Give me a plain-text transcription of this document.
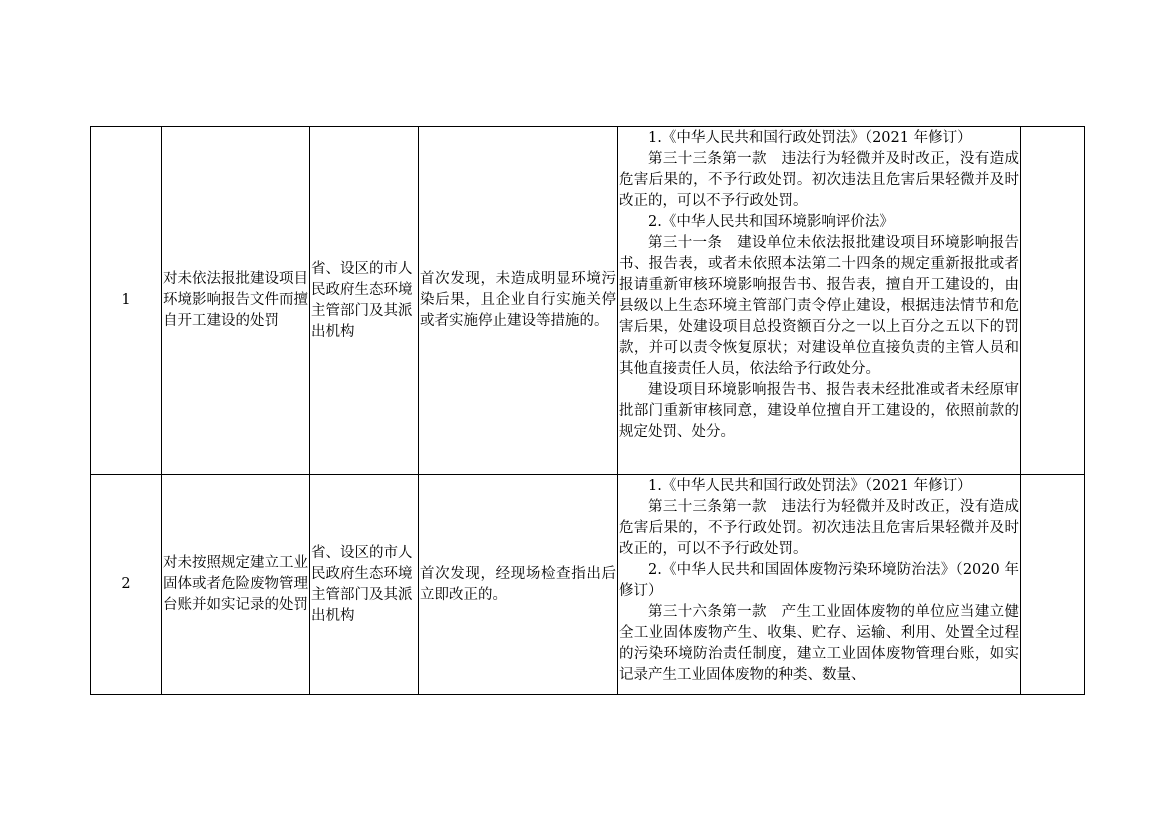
1	对未依法报批建设项目环境影响报告文件而擅自开工建设的处罚	省、设区的市人民政府生态环境主管部门及其派出机构	首次发现，未造成明显环境污染后果，且企业自行实施关停或者实施停止建设等措施的。	1.《中华人民共和国行政处罚法》（2021 年修订）

第三十三条第一款　违法行为轻微并及时改正，没有造成危害后果的，不予行政处罚。初次违法且危害后果轻微并及时改正的，可以不予行政处罚。

2.《中华人民共和国环境影响评价法》

第三十一条　建设单位未依法报批建设项目环境影响报告书、报告表，或者未依照本法第二十四条的规定重新报批或者报请重新审核环境影响报告书、报告表，擅自开工建设的，由县级以上生态环境主管部门责令停止建设，根据违法情节和危害后果，处建设项目总投资额百分之一以上百分之五以下的罚款，并可以责令恢复原状；对建设单位直接负责的主管人员和其他直接责任人员，依法给予行政处分。

建设项目环境影响报告书、报告表未经批准或者未经原审批部门重新审核同意，建设单位擅自开工建设的，依照前款的规定处罚、处分。	

2	对未按照规定建立工业固体或者危险废物管理台账并如实记录的处罚	省、设区的市人民政府生态环境主管部门及其派出机构	首次发现，经现场检查指出后立即改正的。	1.《中华人民共和国行政处罚法》（2021 年修订）

第三十三条第一款　违法行为轻微并及时改正，没有造成危害后果的，不予行政处罚。初次违法且危害后果轻微并及时改正的，可以不予行政处罚。

2.《中华人民共和国固体废物污染环境防治法》（2020 年修订）

第三十六条第一款　产生工业固体废物的单位应当建立健全工业固体废物产生、收集、贮存、运输、利用、处置全过程的污染环境防治责任制度，建立工业固体废物管理台账，如实记录产生工业固体废物的种类、数量、	
